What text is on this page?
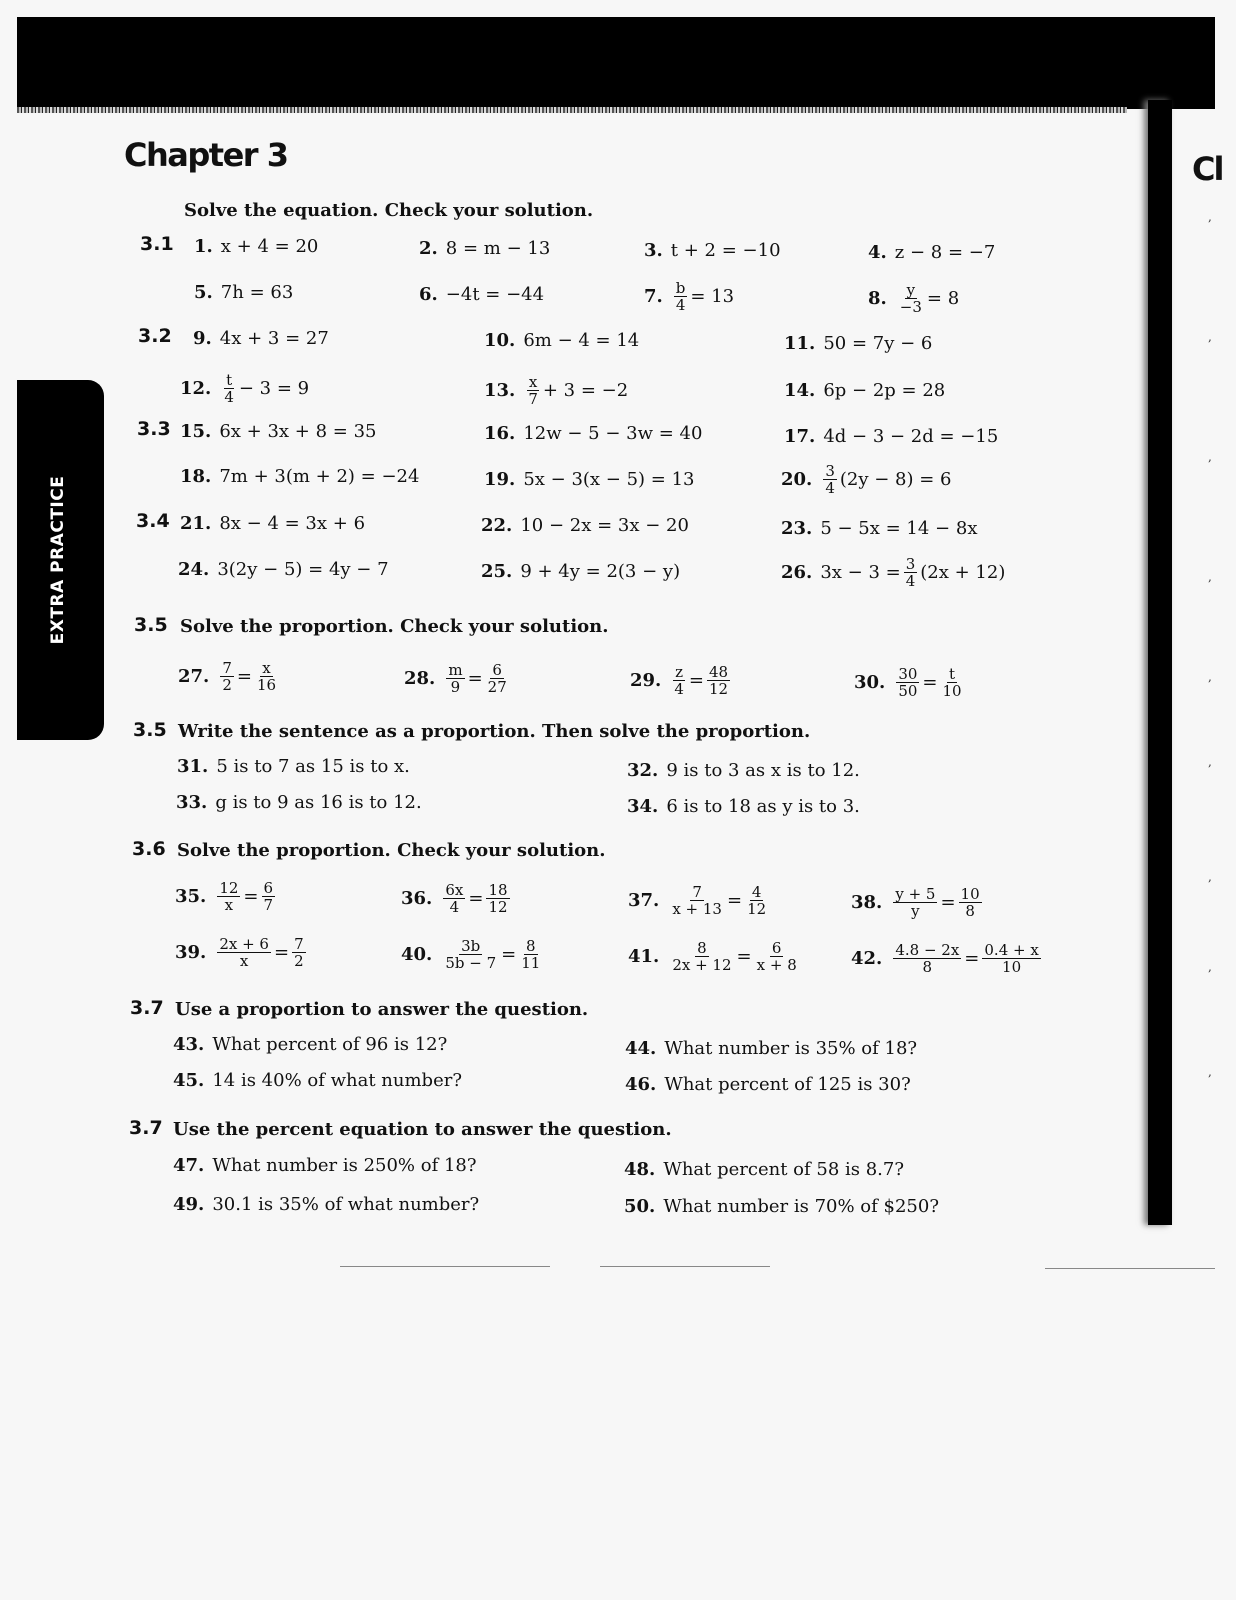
Cl
,
,
,
,
,
,
,
,
,
EXTRA PRACTICE
Chapter 3
Solve the equation. Check your solution.
3.1 1. x + 4 = 20	2. 8 = m − 13	3. t + 2 = −10	4. z − 8 = −7
5. 7h = 63	6. −4t = −44	7. $\frac{b}{4} = 13$	8. $\frac{y}{-3} = 8$
3.2 9. 4x + 3 = 27	10. 6m − 4 = 14	11. 50 = 7y − 6
12. $\frac{t}{4} - 3 = 9$	13. $\frac{x}{7} + 3 = -2$	14. 6p − 2p = 28
3.3 15. 6x + 3x + 8 = 35	16. 12w − 5 − 3w = 40	17. 4d − 3 − 2d = −15
18. 7m + 3(m + 2) = −24	19. 5x − 3(x − 5) = 13	20. $\frac{3}{4} (2y - 8) = 6$
3.4 21. 8x − 4 = 3x + 6	22. 10 − 2x = 3x − 20	23. 5 − 5x = 14 − 8x
24. 3(2y − 5) = 4y − 7	25. 9 + 4y = 2(3 − y)	26. $3x - 3 = \frac{3}{4} (2x + 12)$
3.5 Solve the proportion. Check your solution.
27. $\frac{7}{2} = \frac{x}{16}$	28. $\frac{m}{9} = \frac{6}{27}$	29. $\frac{z}{4} = \frac{48}{12}$	30. $\frac{30}{50} = \frac{t}{10}$
3.5 Write the sentence as a proportion. Then solve the proportion.
31. 5 is to 7 as 15 is to x.	32. 9 is to 3 as x is to 12.
33. g is to 9 as 16 is to 12.	34. 6 is to 18 as y is to 3.
3.6 Solve the proportion. Check your solution.
35. $\frac{12}{x} = \frac{6}{7}$	36. $\frac{6x}{4} = \frac{18}{12}$	37. $\frac{7}{x + 13} = \frac{4}{12}$	38. $\frac{y + 5}{y} = \frac{10}{8}$
39. $\frac{2x + 6}{x} = \frac{7}{2}$	40. $\frac{3b}{5b - 7} = \frac{8}{11}$	41. $\frac{8}{2x + 12} = \frac{6}{x + 8}$	42. $\frac{4.8 - 2x}{8} = \frac{0.4 + x}{10}$
3.7 Use a proportion to answer the question.
43. What percent of 96 is 12?	44. What number is 35% of 18?
45. 14 is 40% of what number?	46. What percent of 125 is 30?
3.7 Use the percent equation to answer the question.
47. What number is 250% of 18?	48. What percent of 58 is 8.7?
49. 30.1 is 35% of what number?	50. What number is 70% of $250?
